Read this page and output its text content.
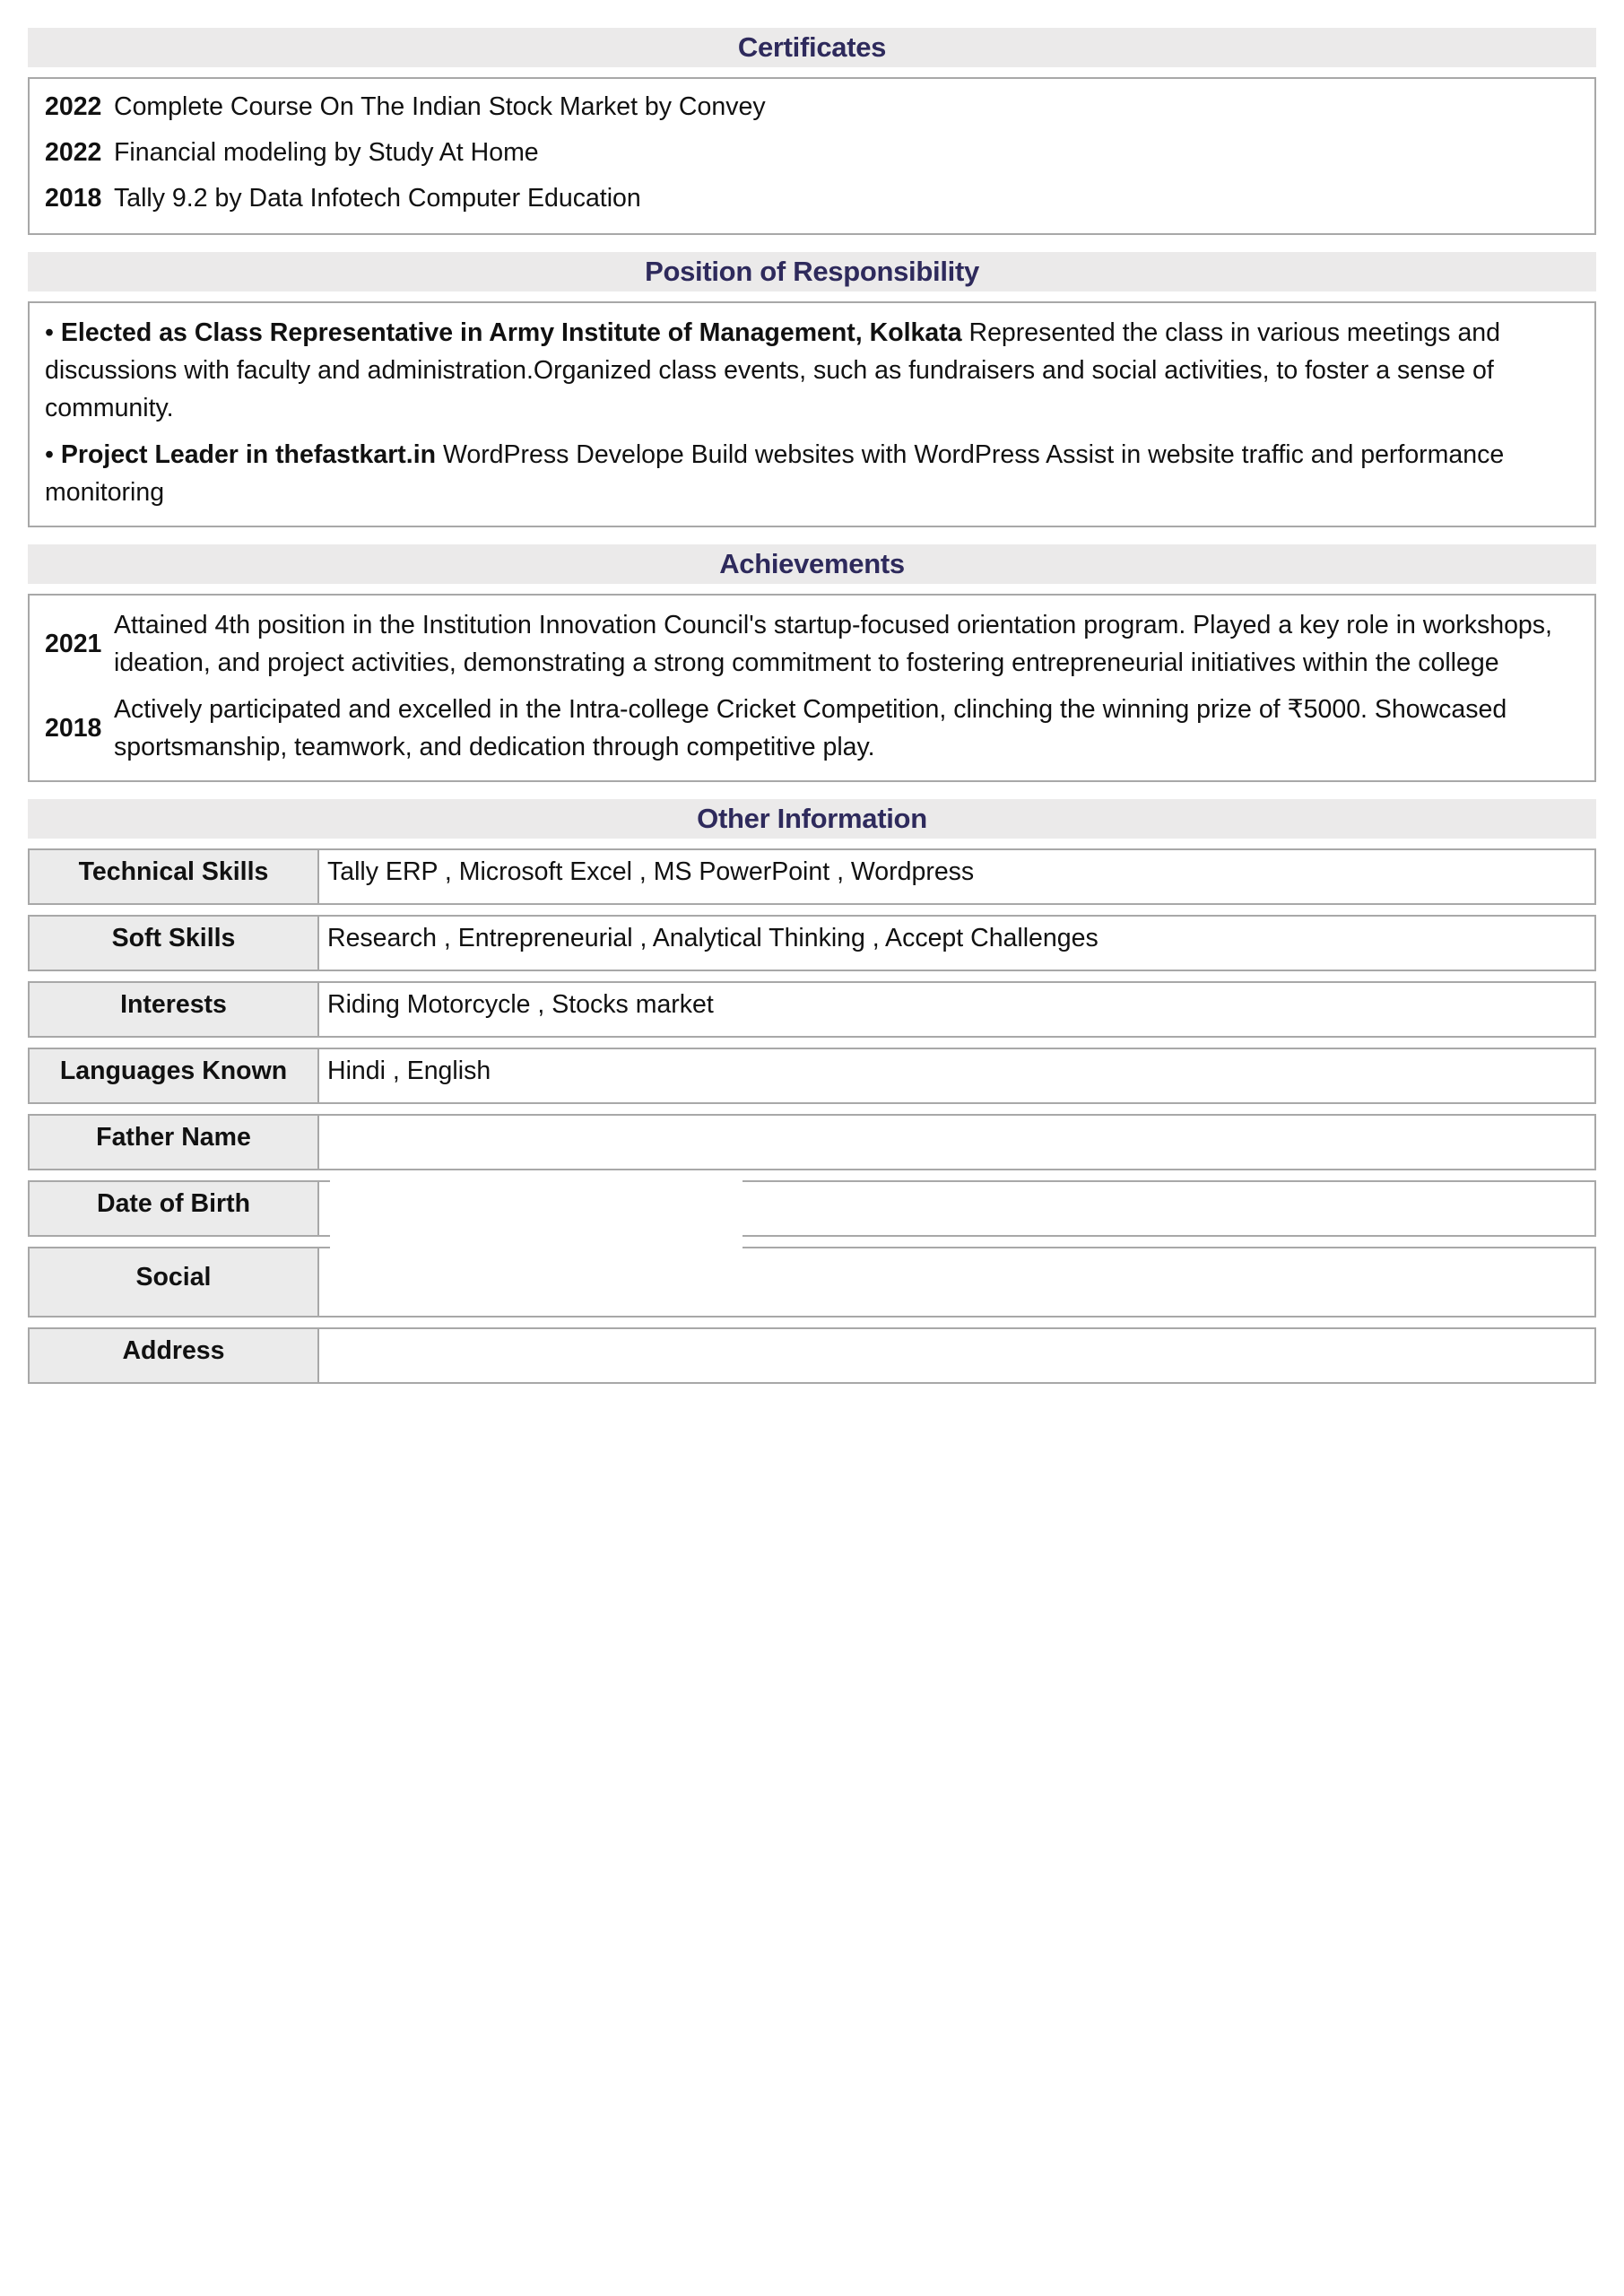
Certificates
2022 Complete Course On The Indian Stock Market by Convey
2022 Financial modeling by Study At Home
2018 Tally 9.2 by Data Infotech Computer Education
Position of Responsibility
• Elected as Class Representative in Army Institute of Management, Kolkata Represented the class in various meetings and discussions with faculty and administration.Organized class events, such as fundraisers and social activities, to foster a sense of community.
• Project Leader in thefastkart.in WordPress Develope Build websites with WordPress Assist in website traffic and performance monitoring
Achievements
2021
Attained 4th position in the Institution Innovation Council's startup-focused orientation program. Played a key role in workshops, ideation, and project activities, demonstrating a strong commitment to fostering entrepreneurial initiatives within the college
2018
Actively participated and excelled in the Intra-college Cricket Competition, clinching the winning prize of ₹5000. Showcased sportsmanship, teamwork, and dedication through competitive play.
Other Information
Technical Skills	Tally ERP , Microsoft Excel , MS PowerPoint , Wordpress
Soft Skills	Research , Entrepreneurial , Analytical Thinking , Accept Challenges
Interests	Riding Motorcycle , Stocks market
Languages Known	Hindi , English
Father Name
Date of Birth
Social
Address
